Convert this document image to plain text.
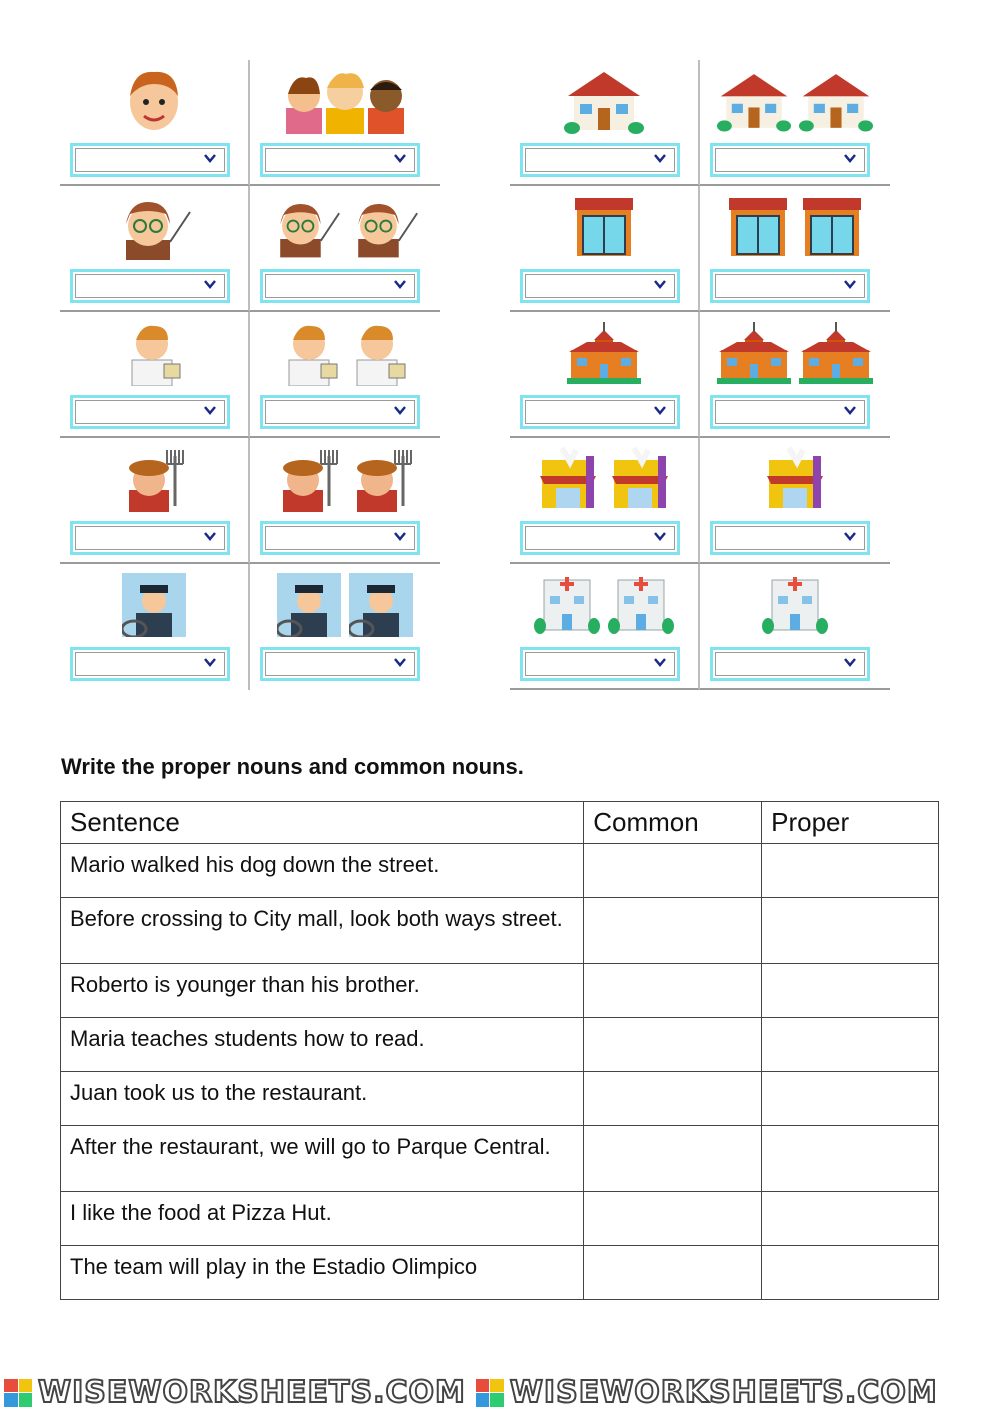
Write the proper nouns and common nouns.
Sentence	Common	Proper
Mario walked his dog down the street.		
Before crossing to City mall, look both ways street.		
Roberto is younger than his brother.		
Maria teaches students how to read.		
Juan took us to the restaurant.		
After the restaurant, we will go to Parque Central.		
I like the food at Pizza Hut.		
The team will play in the Estadio Olimpico		
WISEWORKSHEETS.COM WISEWORKSHEETS.COM
